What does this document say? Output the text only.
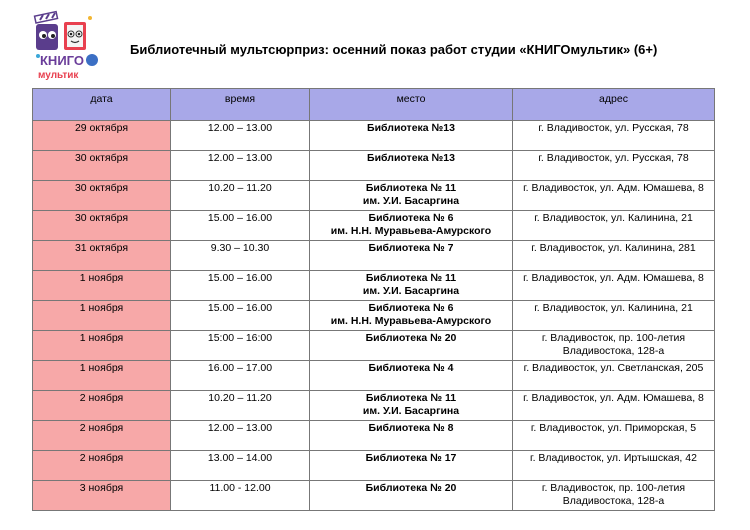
КНИГО
мультик
Библиотечный мультсюрприз: осенний показ работ студии «КНИГОмультик» (6+)
дата	время	место	адрес
29 октября	12.00 – 13.00	Библиотека №13	г. Владивосток, ул. Русская, 78
30 октября	12.00 – 13.00	Библиотека №13	г. Владивосток, ул. Русская, 78
30 октября	10.20 – 11.20	Библиотека № 11
им. У.И. Басаргина	г. Владивосток, ул. Адм. Юмашева, 8
30 октября	15.00 – 16.00	Библиотека № 6
им. Н.Н. Муравьева-Амурского	г. Владивосток, ул. Калинина, 21
31 октября	9.30 – 10.30	Библиотека № 7	г. Владивосток, ул. Калинина, 281
1 ноября	15.00 – 16.00	Библиотека № 11
им. У.И. Басаргина	г. Владивосток, ул. Адм. Юмашева, 8
1 ноября	15.00 – 16.00	Библиотека № 6
им. Н.Н. Муравьева-Амурского	г. Владивосток, ул. Калинина, 21
1 ноября	15:00 – 16:00	Библиотека № 20	г. Владивосток, пр. 100-летия
Владивостока, 128-а
1 ноября	16.00 – 17.00	Библиотека № 4	г. Владивосток, ул. Светланская, 205
2 ноября	10.20 – 11.20	Библиотека № 11
им. У.И. Басаргина	г. Владивосток, ул. Адм. Юмашева, 8
2 ноября	12.00 – 13.00	Библиотека № 8	г. Владивосток, ул. Приморская, 5
2 ноября	13.00 – 14.00	Библиотека № 17	г. Владивосток, ул. Иртышская, 42
3 ноября	11.00 - 12.00	Библиотека № 20	г. Владивосток, пр. 100-летия
Владивостока, 128-а
